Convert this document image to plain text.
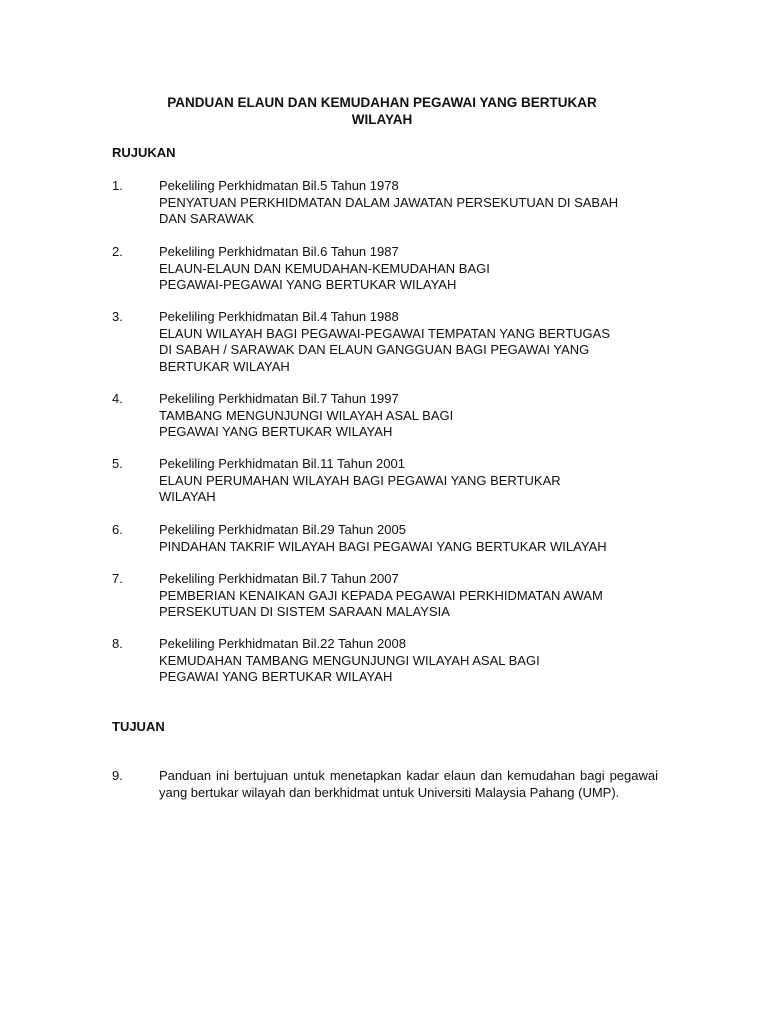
PANDUAN ELAUN DAN KEMUDAHAN PEGAWAI YANG BERTUKAR
WILAYAH
RUJUKAN
1.	Pekeliling Perkhidmatan Bil.5 Tahun 1978
PENYATUAN PERKHIDMATAN DALAM JAWATAN PERSEKUTUAN DI SABAH
DAN SARAWAK
2.	Pekeliling Perkhidmatan Bil.6 Tahun 1987
ELAUN-ELAUN DAN KEMUDAHAN-KEMUDAHAN BAGI
PEGAWAI-PEGAWAI YANG BERTUKAR WILAYAH
3.	Pekeliling Perkhidmatan Bil.4 Tahun 1988
ELAUN WILAYAH BAGI PEGAWAI-PEGAWAI TEMPATAN YANG BERTUGAS
DI SABAH / SARAWAK DAN ELAUN GANGGUAN BAGI PEGAWAI YANG
BERTUKAR WILAYAH
4.	Pekeliling Perkhidmatan Bil.7 Tahun 1997
TAMBANG MENGUNJUNGI WILAYAH ASAL BAGI
PEGAWAI YANG BERTUKAR WILAYAH
5.	Pekeliling Perkhidmatan Bil.11 Tahun 2001
ELAUN PERUMAHAN WILAYAH BAGI PEGAWAI YANG BERTUKAR
WILAYAH
6.	Pekeliling Perkhidmatan Bil.29 Tahun 2005
PINDAHAN TAKRIF WILAYAH BAGI PEGAWAI YANG BERTUKAR WILAYAH
7.	Pekeliling Perkhidmatan Bil.7 Tahun 2007
PEMBERIAN KENAIKAN GAJI KEPADA PEGAWAI PERKHIDMATAN AWAM
PERSEKUTUAN DI SISTEM SARAAN MALAYSIA
8.	Pekeliling Perkhidmatan Bil.22 Tahun 2008
KEMUDAHAN TAMBANG MENGUNJUNGI WILAYAH ASAL BAGI
PEGAWAI YANG BERTUKAR WILAYAH
TUJUAN
9.	Panduan ini bertujuan untuk menetapkan kadar elaun dan kemudahan bagi pegawai yang bertukar wilayah dan berkhidmat untuk Universiti Malaysia Pahang (UMP).
